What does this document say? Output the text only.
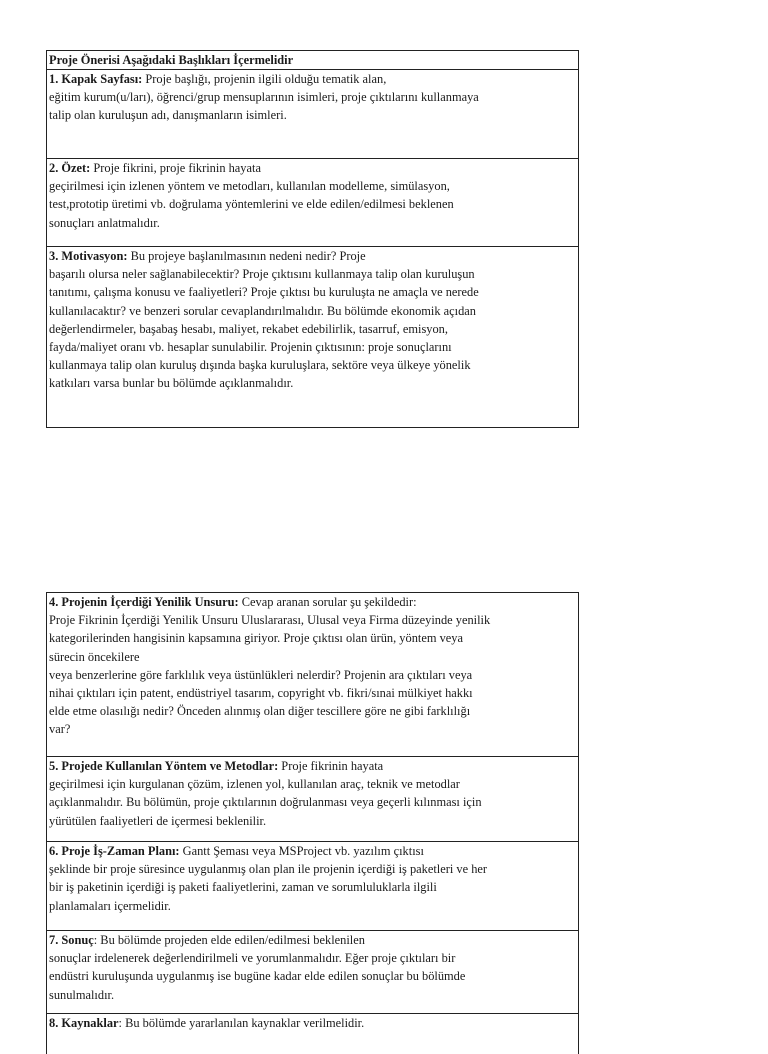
Proje Önerisi Aşağıdaki Başlıkları İçermelidir
1. Kapak Sayfası: Proje başlığı, projenin ilgili olduğu tematik alan,
eğitim kurum(u/ları), öğrenci/grup mensuplarının isimleri, proje çıktılarını kullanmaya
talip olan kuruluşun adı, danışmanların isimleri.
2. Özet: Proje fikrini, proje fikrinin hayata
geçirilmesi için izlenen yöntem ve metodları, kullanılan modelleme, simülasyon,
test,prototip üretimi vb. doğrulama yöntemlerini ve elde edilen/edilmesi beklenen
sonuçları anlatmalıdır.
3. Motivasyon: Bu projeye başlanılmasının nedeni nedir? Proje
başarılı olursa neler sağlanabilecektir? Proje çıktısını kullanmaya talip olan kuruluşun
tanıtımı, çalışma konusu ve faaliyetleri? Proje çıktısı bu kuruluşta ne amaçla ve nerede
kullanılacaktır? ve benzeri sorular cevaplandırılmalıdır. Bu bölümde ekonomik açıdan
değerlendirmeler, başabaş hesabı, maliyet, rekabet edebilirlik, tasarruf, emisyon,
fayda/maliyet oranı vb. hesaplar sunulabilir. Projenin çıktısının: proje sonuçlarını
kullanmaya talip olan kuruluş dışında başka kuruluşlara, sektöre veya ülkeye yönelik
katkıları varsa bunlar bu bölümde açıklanmalıdır.
4. Projenin İçerdiği Yenilik Unsuru: Cevap aranan sorular şu şekildedir:
Proje Fikrinin İçerdiği Yenilik Unsuru Uluslararası, Ulusal veya Firma düzeyinde yenilik
kategorilerinden hangisinin kapsamına giriyor. Proje çıktısı olan ürün, yöntem veya
sürecin öncekilere
veya benzerlerine göre farklılık veya üstünlükleri nelerdir? Projenin ara çıktıları veya
nihai çıktıları için patent, endüstriyel tasarım, copyright vb. fikri/sınai mülkiyet hakkı
elde etme olasılığı nedir? Önceden alınmış olan diğer tescillere göre ne gibi farklılığı
var?
5. Projede Kullanılan Yöntem ve Metodlar: Proje fikrinin hayata
geçirilmesi için kurgulanan çözüm, izlenen yol, kullanılan araç, teknik ve metodlar
açıklanmalıdır. Bu bölümün, proje çıktılarının doğrulanması veya geçerli kılınması için
yürütülen faaliyetleri de içermesi beklenilir.
6. Proje İş-Zaman Planı: Gantt Şeması veya MSProject vb. yazılım çıktısı
şeklinde bir proje süresince uygulanmış olan plan ile projenin içerdiği iş paketleri ve her
bir iş paketinin içerdiği iş paketi faaliyetlerini, zaman ve sorumluluklarla ilgili
planlamaları içermelidir.
7. Sonuç: Bu bölümde projeden elde edilen/edilmesi beklenilen
sonuçlar irdelenerek değerlendirilmeli ve yorumlanmalıdır. Eğer proje çıktıları bir
endüstri kuruluşunda uygulanmış ise bugüne kadar elde edilen sonuçlar bu bölümde
sunulmalıdır.
8. Kaynaklar: Bu bölümde yararlanılan kaynaklar verilmelidir.
